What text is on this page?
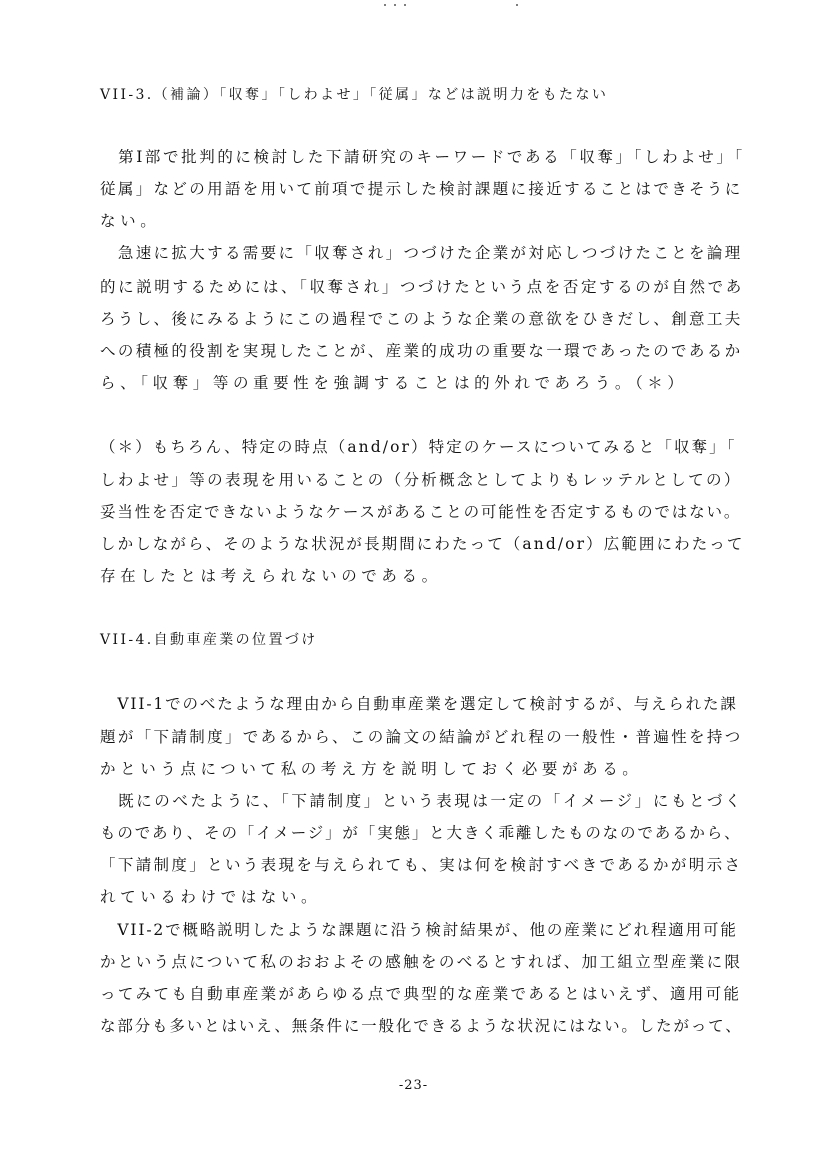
VII-3.（補論）「収奪」「しわよせ」「従属」などは説明力をもたない
　第Ⅰ部で批判的に検討した下請研究のキーワードである「収奪」「しわよせ」「
従属」などの用語を用いて前項で提示した検討課題に接近することはできそうに
ない。
　急速に拡大する需要に「収奪され」つづけた企業が対応しつづけたことを論理
的に説明するためには、「収奪され」つづけたという点を否定するのが自然であ
ろうし、後にみるようにこの過程でこのような企業の意欲をひきだし、創意工夫
への積極的役割を実現したことが、産業的成功の重要な一環であったのであるか
ら、「収奪」等の重要性を強調することは的外れであろう。（＊）
（＊）もちろん、特定の時点（and/or）特定のケースについてみると「収奪」「
しわよせ」等の表現を用いることの（分析概念としてよりもレッテルとしての）
妥当性を否定できないようなケースがあることの可能性を否定するものではない。
しかしながら、そのような状況が長期間にわたって（and/or）広範囲にわたって
存在したとは考えられないのである。
VII-4.自動車産業の位置づけ
　VII-1でのべたような理由から自動車産業を選定して検討するが、与えられた課
題が「下請制度」であるから、この論文の結論がどれ程の一般性・普遍性を持つ
かという点について私の考え方を説明しておく必要がある。
　既にのべたように、「下請制度」という表現は一定の「イメージ」にもとづく
ものであり、その「イメージ」が「実態」と大きく乖離したものなのであるから、
「下請制度」という表現を与えられても、実は何を検討すべきであるかが明示さ
れているわけではない。
　VII-2で概略説明したような課題に沿う検討結果が、他の産業にどれ程適用可能
かという点について私のおおよその感触をのべるとすれば、加工組立型産業に限
ってみても自動車産業があらゆる点で典型的な産業であるとはいえず、適用可能
な部分も多いとはいえ、無条件に一般化できるような状況にはない。したがって、
-23-
